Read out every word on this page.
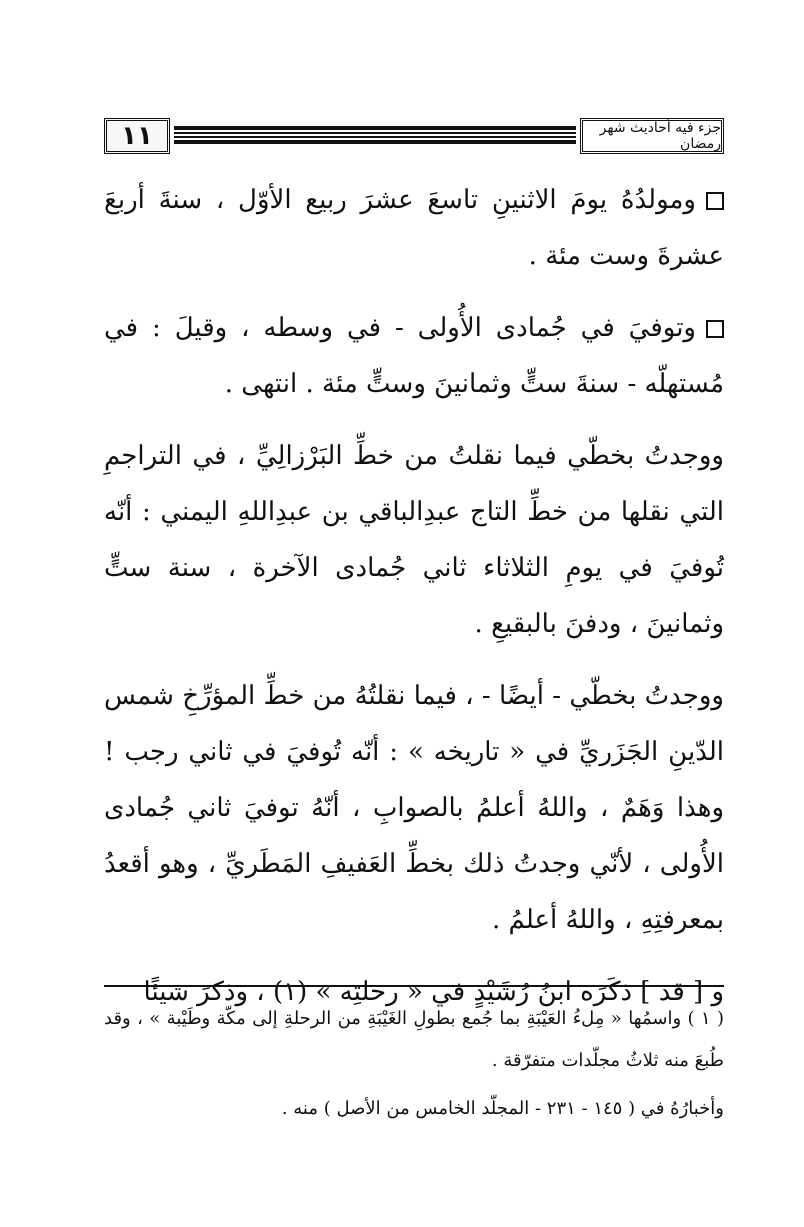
١١	جزء فيه أحاديث شهر رمضان

ومولدُهُ يومَ الاثنينِ تاسعَ عشرَ ربيع الأوّل ، سنةَ أربعَ عشرةَ وست مئة .

وتوفيَ في جُمادى الأُولى - في وسطه ، وقيلَ : في مُستهلّه - سنةَ ستٍّ وثمانينَ وستٍّ مئة . انتهى .

ووجدتُ بخطّي فيما نقلتُ من خطِّ البَرْزالِيِّ ، في التراجمِ التي نقلها من خطِّ التاج عبدِالباقي بن عبدِاللهِ اليمني : أنّه تُوفيَ في يومِ الثلاثاء ثاني جُمادى الآخرة ، سنة ستٍّ وثمانينَ ، ودفنَ بالبقيعِ .

ووجدتُ بخطّي - أيضًا - ، فيما نقلتُهُ من خطِّ المؤرِّخِ شمس الدّينِ الجَزَريِّ في « تاريخه » : أنّه تُوفيَ في ثاني رجب ! وهذا وَهَمٌ ، واللهُ أعلمُ بالصوابِ ، أنّهُ توفيَ ثاني جُمادى الأُولى ، لأنّي وجدتُ ذلك بخطِّ العَفيفِ المَطَريِّ ، وهو أقعدُ بمعرفتِهِ ، واللهُ أعلمُ .

و [ قد ] ذكَرَه ابنُ رُشَيْدٍ في « رحلتِه » (١) ، وذكرَ شيئًا

( ١ ) واسمُها « مِلءُ العَيْبَةِ بما جُمع بطولِ الغَيْبَةِ من الرحلةِ إلى مكّة وطَيْبة » ، وقد طُبعَ منه ثلاثُ مجلّدات متفرّقة .

وأخبارُهُ في ( ١٤٥ - ٢٣١ - المجلّد الخامس من الأصل ) منه .
